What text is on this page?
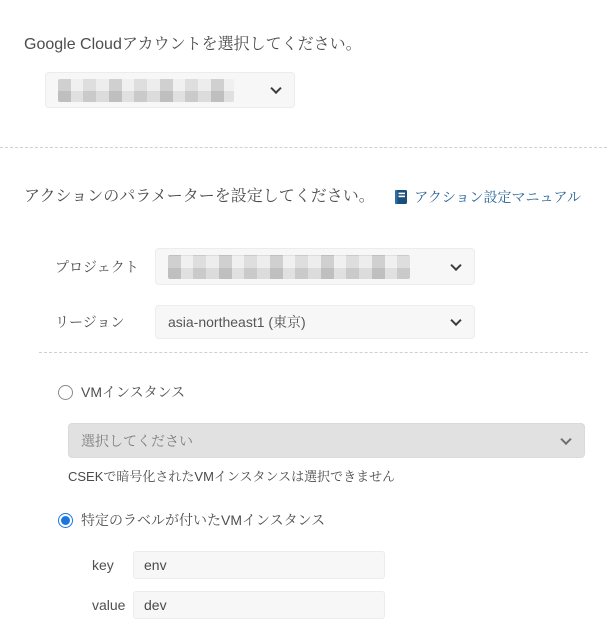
Google Cloudアカウントを選択してください。

アクションのパラメーターを設定してください。	アクション設定マニュアル
プロジェクト
リージョン	asia-northeast1 (東京)
VMインスタンス
選択してください

CSEKで暗号化されたVMインスタンスは選択できません

特定のラベルが付いたVMインスタンス
key
env
value
dev
